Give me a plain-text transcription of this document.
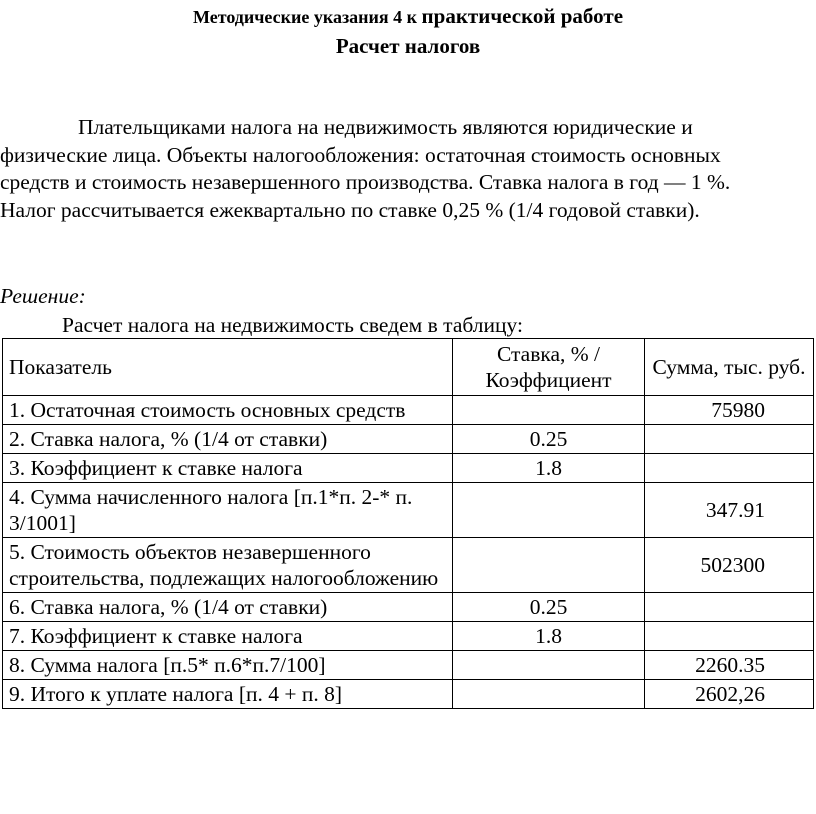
Методические указания 4 к практической работе
Расчет налогов
Плательщиками налога на недвижимость являются юридические и физические лица. Объекты налогообложения: остаточная стоимость основных средств и стоимость незавершенного производства. Ставка налога в год — 1 %. Налог рассчитывается ежеквартально по ставке 0,25 % (1/4 годовой ставки).
Решение:
Расчет налога на недвижимость сведем в таблицу:
Показатель	Ставка, % / Коэффициент	Сумма, тыс. руб.
1. Остаточная стоимость основных средств		75980
2. Ставка налога, % (1/4 от ставки)	0.25	
3. Коэффициент к ставке налога	1.8	
4. Сумма начисленного налога [п.1*п. 2-* п. 3/1001]		347.91
5. Стоимость объектов незавершенного строительства, подлежащих налогообложению		502300
6. Ставка налога, % (1/4 от ставки)	0.25	
7. Коэффициент к ставке налога	1.8	
8. Сумма налога [п.5* п.6*п.7/100]		2260.35
9. Итого к уплате налога [п. 4 + п. 8]		2602,26
